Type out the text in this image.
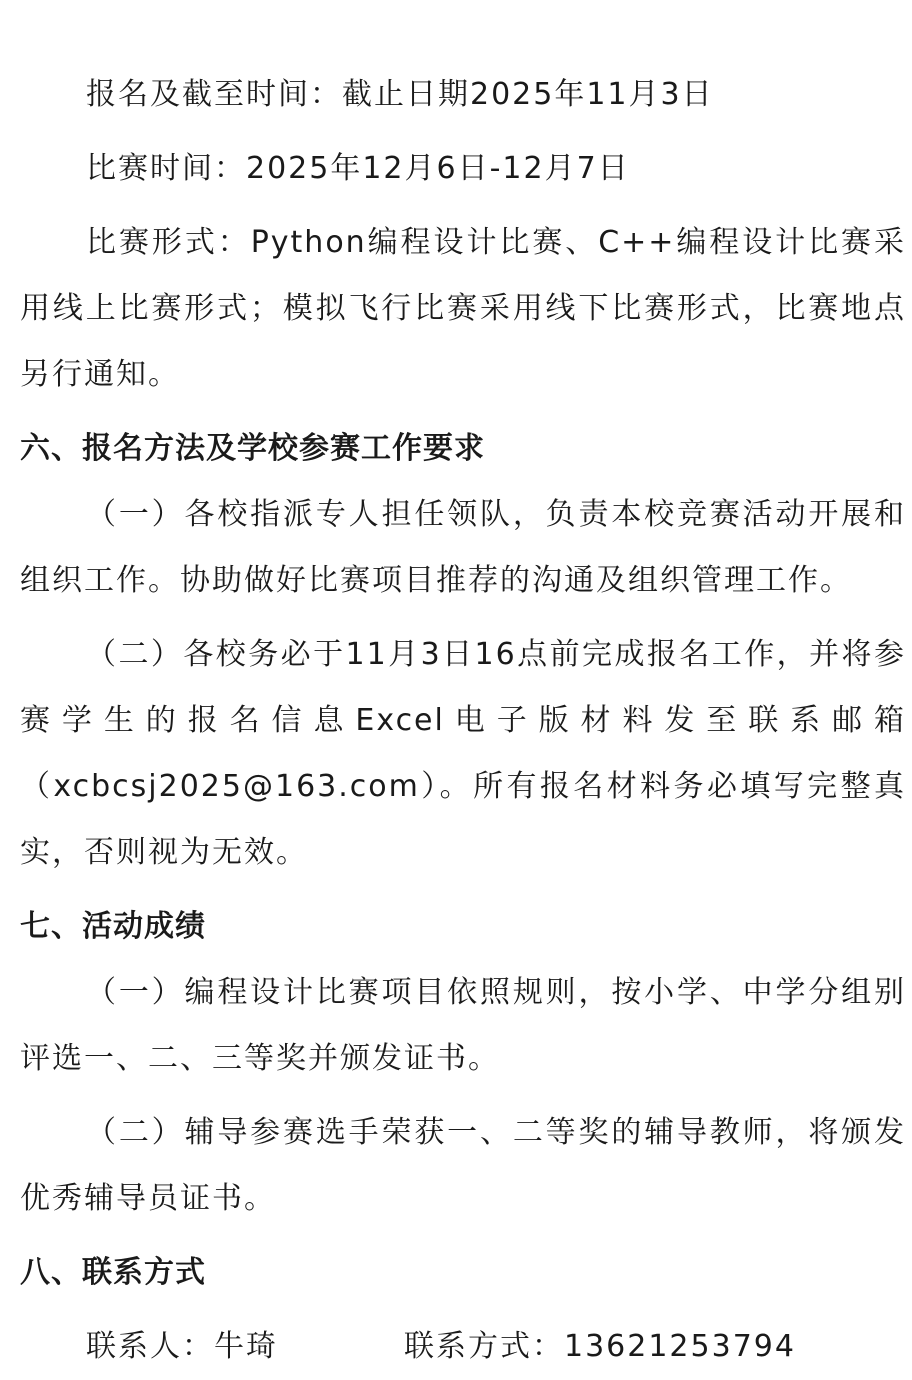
报名及截至时间：截止日期2025年11月3日

比赛时间：2025年12月6日-12月7日

比赛形式：Python编程设计比赛、C++编程设计比赛采用线上比赛形式；模拟飞行比赛采用线下比赛形式，比赛地点另行通知。

六、报名方法及学校参赛工作要求

（一）各校指派专人担任领队，负责本校竞赛活动开展和组织工作。协助做好比赛项目推荐的沟通及组织管理工作。

（二）各校务必于11月3日16点前完成报名工作，并将参赛学生的报名信息Excel电子版材料发至联系邮箱（xcbcsj2025@163.com）。所有报名材料务必填写完整真实，否则视为无效。

七、活动成绩

（一）编程设计比赛项目依照规则，按小学、中学分组别评选一、二、三等奖并颁发证书。

（二）辅导参赛选手荣获一、二等奖的辅导教师，将颁发优秀辅导员证书。

八、联系方式
联系人：牛琦	联系方式：13621253794
